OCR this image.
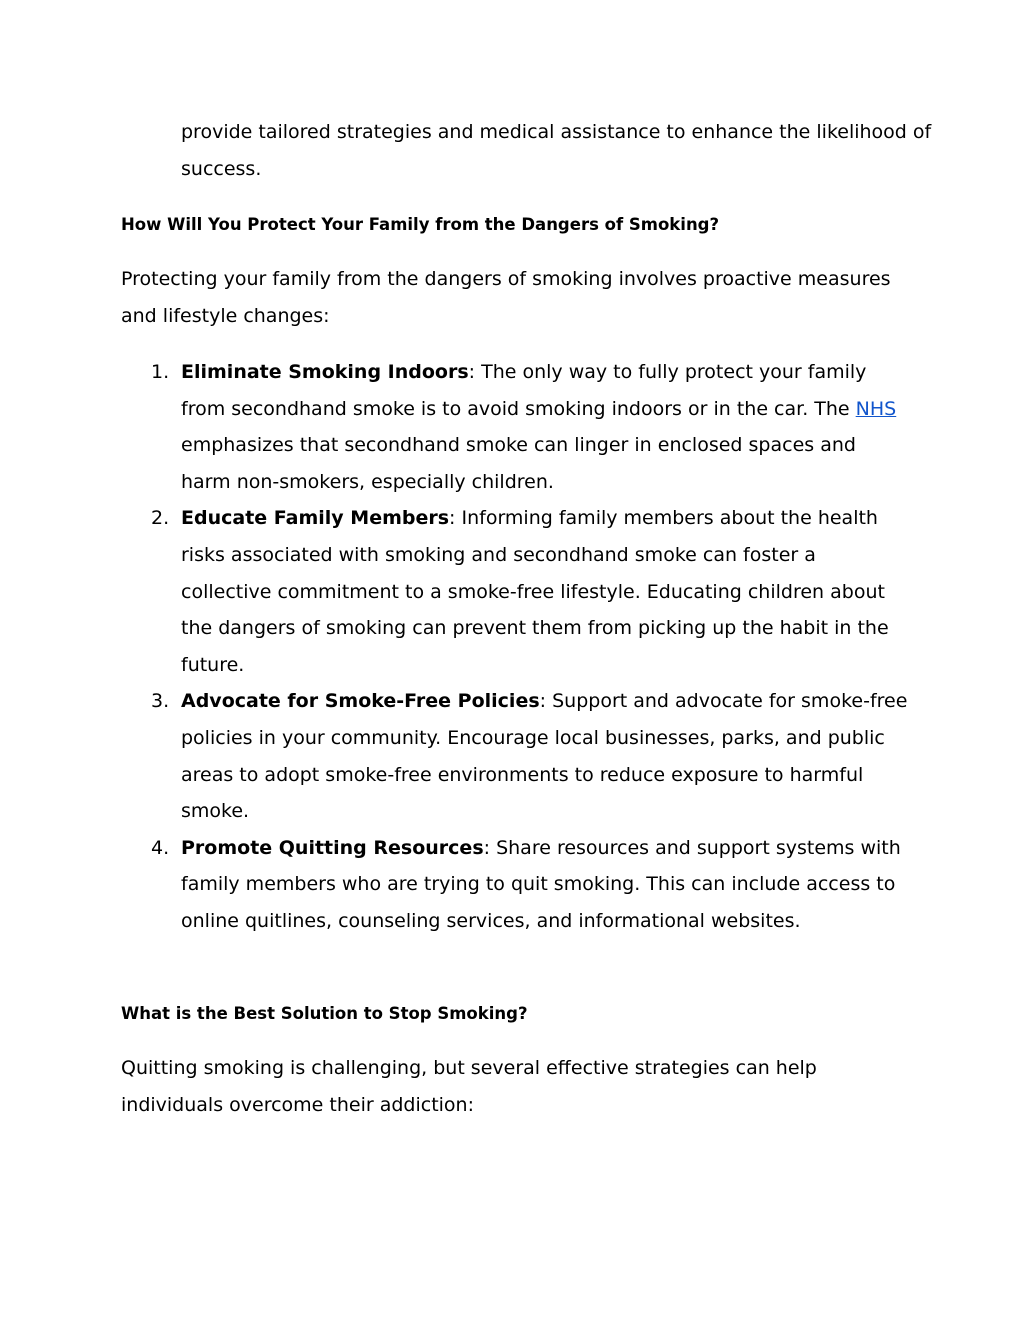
provide tailored strategies and medical assistance to enhance the likelihood of success.

How Will You Protect Your Family from the Dangers of Smoking?

Protecting your family from the dangers of smoking involves proactive measures and lifestyle changes:

1. Eliminate Smoking Indoors: The only way to fully protect your family from secondhand smoke is to avoid smoking indoors or in the car. The NHS emphasizes that secondhand smoke can linger in enclosed spaces and harm non-smokers, especially children.
2. Educate Family Members: Informing family members about the health risks associated with smoking and secondhand smoke can foster a collective commitment to a smoke-free lifestyle. Educating children about the dangers of smoking can prevent them from picking up the habit in the future.
3. Advocate for Smoke-Free Policies: Support and advocate for smoke-free policies in your community. Encourage local businesses, parks, and public areas to adopt smoke-free environments to reduce exposure to harmful smoke.
4. Promote Quitting Resources: Share resources and support systems with family members who are trying to quit smoking. This can include access to online quitlines, counseling services, and informational websites.
What is the Best Solution to Stop Smoking?

Quitting smoking is challenging, but several effective strategies can help individuals overcome their addiction:
